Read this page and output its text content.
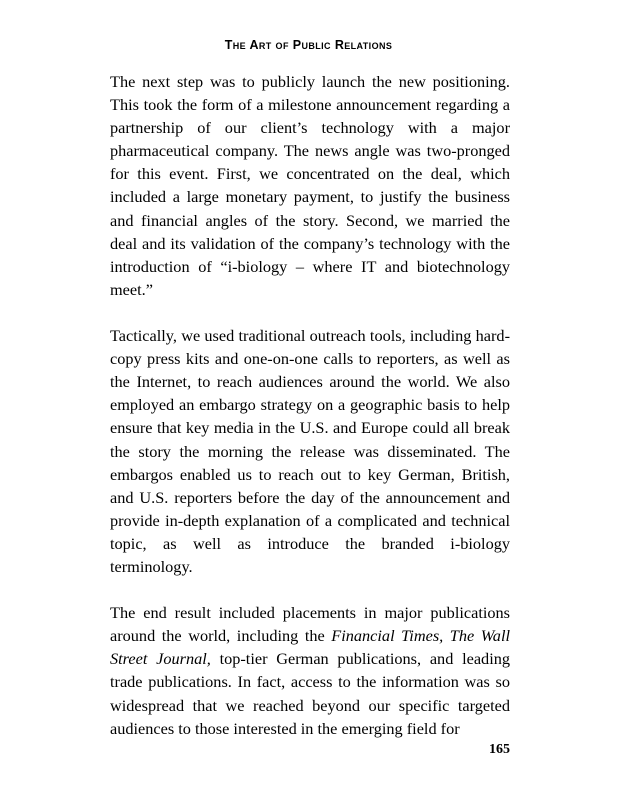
The Art of Public Relations

The next step was to publicly launch the new positioning. This took the form of a milestone announcement regarding a partnership of our client’s technology with a major pharmaceutical company. The news angle was two-pronged for this event. First, we concentrated on the deal, which included a large monetary payment, to justify the business and financial angles of the story. Second, we married the deal and its validation of the company’s technology with the introduction of “i-biology – where IT and biotechnology meet.”

Tactically, we used traditional outreach tools, including hard-copy press kits and one-on-one calls to reporters, as well as the Internet, to reach audiences around the world. We also employed an embargo strategy on a geographic basis to help ensure that key media in the U.S. and Europe could all break the story the morning the release was disseminated. The embargos enabled us to reach out to key German, British, and U.S. reporters before the day of the announcement and provide in-depth explanation of a complicated and technical topic, as well as introduce the branded i-biology terminology.

The end result included placements in major publications around the world, including the Financial Times, The Wall Street Journal, top-tier German publications, and leading trade publications. In fact, access to the information was so widespread that we reached beyond our specific targeted audiences to those interested in the emerging field for

165
